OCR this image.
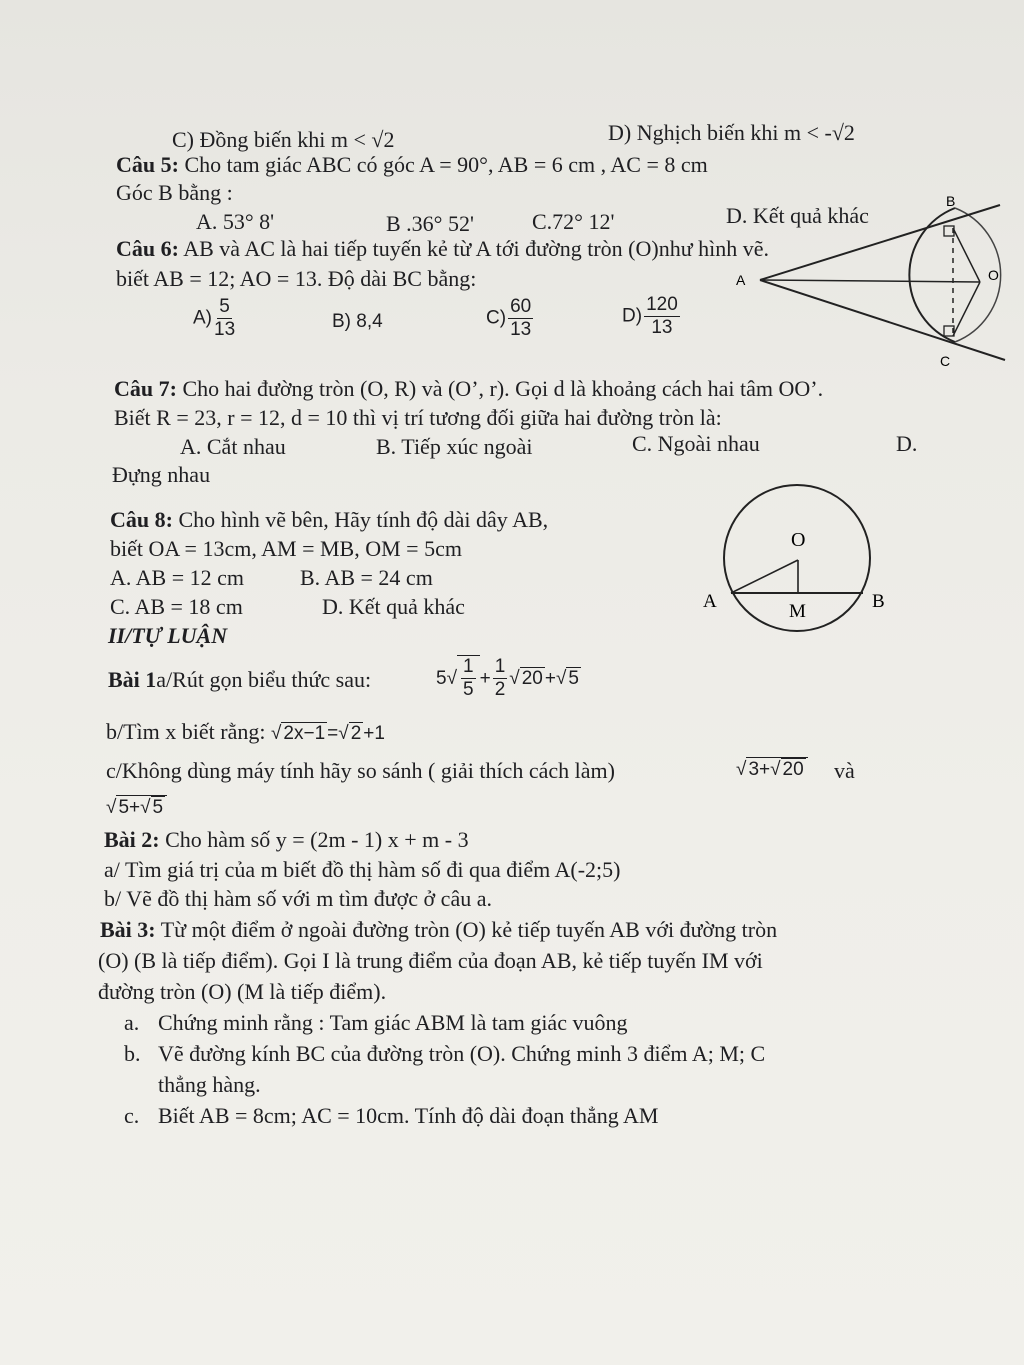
C) Đồng biến khi m < √2	D) Nghịch biến khi m < -√2
Câu 5: Cho tam giác ABC có góc A = 90°, AB = 6 cm , AC = 8 cm
Góc B bằng :
A. 53° 8'	B .36° 52'	C.72° 12'	D. Kết quả khác
Câu 6: AB và AC là hai tiếp tuyến kẻ từ A tới đường tròn (O)như hình vẽ.
biết AB = 12; AO = 13. Độ dài BC bằng:
$A) \frac{5}{13}$	B) 8,4	$C) \frac{60}{13}$	$D) \frac{120}{13}$
B
A	O
C
Câu 7: Cho hai đường tròn (O, R) và (O’, r). Gọi d là khoảng cách hai tâm OO’.
Biết R = 23, r = 12, d = 10 thì vị trí tương đối giữa hai đường tròn là:
A. Cắt nhau	B. Tiếp xúc ngoài	C. Ngoài nhau	D.
Đựng nhau
Câu 8: Cho hình vẽ bên, Hãy tính độ dài dây AB,
biết OA = 13cm, AM = MB, OM = 5cm
A. AB = 12 cm	B. AB = 24 cm
C. AB = 18 cm	D. Kết quả khác
O
A	B
M
II/TỰ LUẬN
Bài 1a/Rút gọn biểu thức sau:	$5√ \frac{1}{5} + \frac{1}{2}$ √ 20 +√ 5
b/Tìm x biết rằng: √ 2x−1 =√ 2 +1
c/Không dùng máy tính hãy so sánh ( giải thích cách làm)	√ 3+√ 20 và
√ 5+√ 5
Bài 2: Cho hàm số y = (2m - 1) x + m - 3
a/ Tìm giá trị của m biết đồ thị hàm số đi qua điểm A(-2;5)
b/ Vẽ đồ thị hàm số với m tìm được ở câu a.
Bài 3: Từ một điểm ở ngoài đường tròn (O) kẻ tiếp tuyến AB với đường tròn
(O) (B là tiếp điểm). Gọi I là trung điểm của đoạn AB, kẻ tiếp tuyến IM với
đường tròn (O) (M là tiếp điểm).
a. Chứng minh rằng : Tam giác ABM là tam giác vuông
b. Vẽ đường kính BC của đường tròn (O). Chứng minh 3 điểm A; M; C
thẳng hàng.
c. Biết AB = 8cm; AC = 10cm. Tính độ dài đoạn thẳng AM
